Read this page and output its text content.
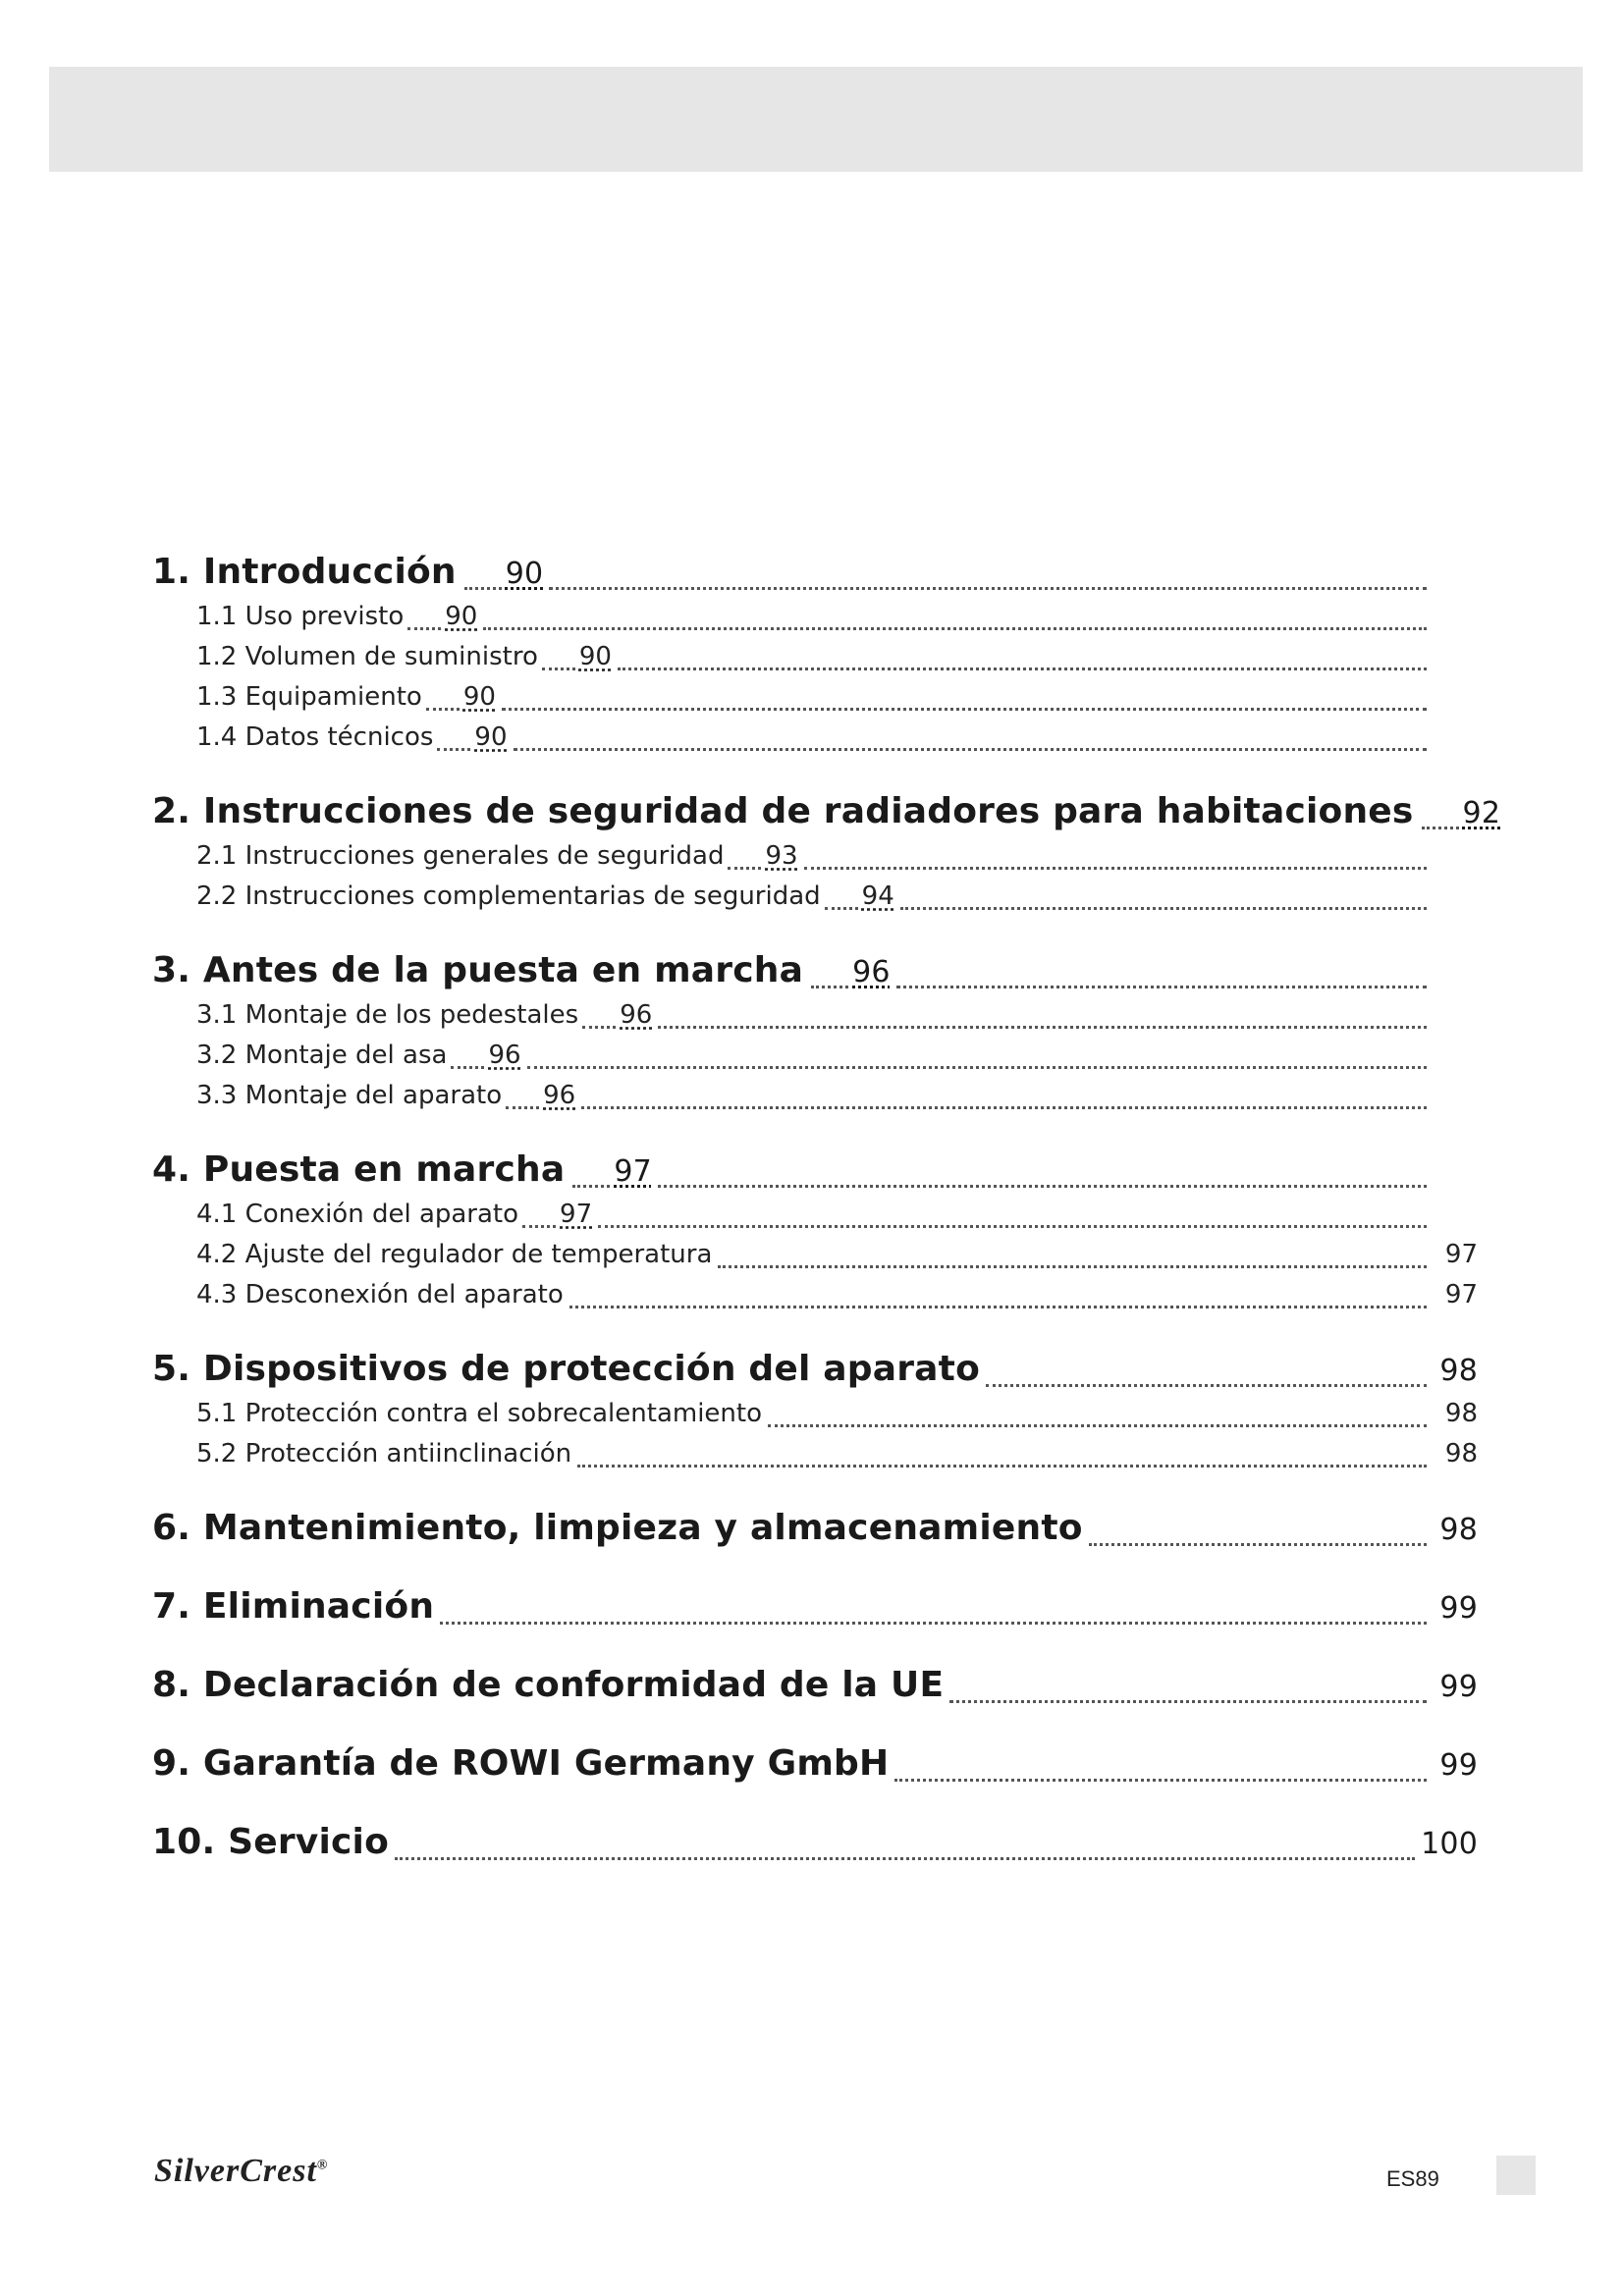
1. Introducción 90
1.1 Uso previsto 90
1.2 Volumen de suministro 90
1.3 Equipamiento 90
1.4 Datos técnicos 90
2. Instrucciones de seguridad de radiadores para habitaciones 92
2.1 Instrucciones generales de seguridad 93
2.2 Instrucciones complementarias de seguridad 94
3. Antes de la puesta en marcha 96
3.1 Montaje de los pedestales 96
3.2 Montaje del asa 96
3.3 Montaje del aparato 96
4. Puesta en marcha 97
4.1 Conexión del aparato 97
4.2 Ajuste del regulador de temperatura	97
4.3 Desconexión del aparato	97
5. Dispositivos de protección del aparato	98
5.1 Protección contra el sobrecalentamiento	98
5.2 Protección antiinclinación	98
6. Mantenimiento, limpieza y almacenamiento	98
7. Eliminación	99
8. Declaración de conformidad de la UE	99
9. Garantía de ROWI Germany GmbH	99
10. Servicio	100
SilverCrest®
ES89
